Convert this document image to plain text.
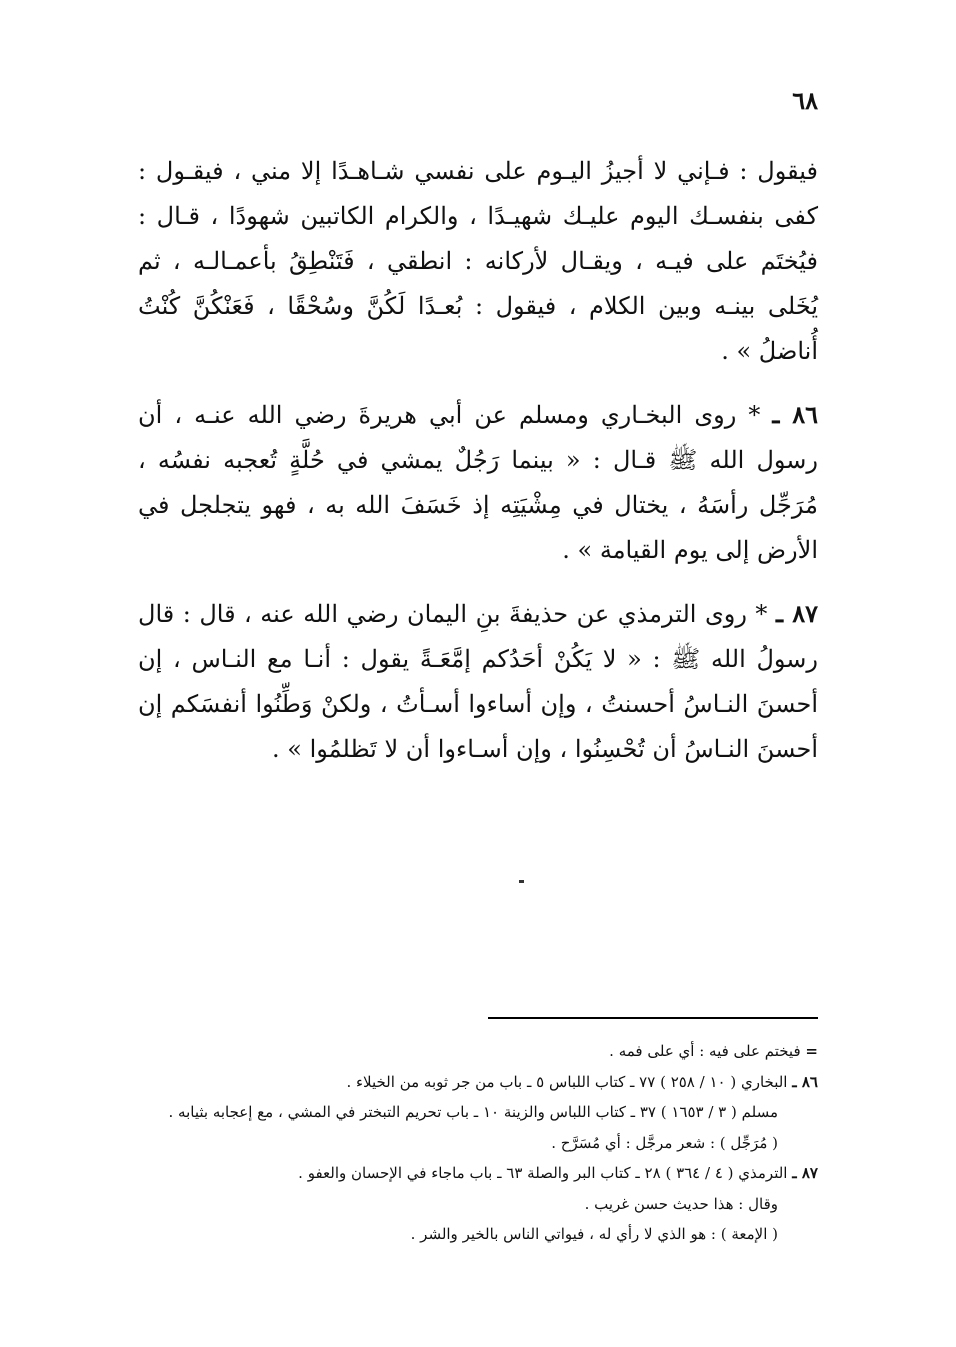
٦٨

فيقول : فـإني لا أجيزُ اليـوم على نفسي شـاهـدًا إلا مني ، فيقـول : كفى بنفسـك اليوم عليـك شهيـدًا ، والكرام الكاتبين شهودًا ، قـال : فيُختَم على فيـه ، ويقـال لأركانه : انطقي ، فَتَنْطِقُ بأعمـالـه ، ثم يُخَلى بينـه وبين الكلام ، فيقول : بُعـدًا لَكُنَّ وسُحْقًا ، فَعَنْكُنَّ كُنْتُ أُناضلُ » .

٨٦ ـ * روى البخـاري ومسلم عن أبي هريرةَ رضي الله عنـه ، أن رسول الله ﷺ قـال : « بينما رَجُلٌ يمشي في حُلَّةٍ تُعجبه نفسُه ، مُرَجِّل رأسَهُ ، يختال في مِشْيَتِه إذ خَسَفَ الله به ، فهو يتجلجل في الأرض إلى يوم القيامة » .

٨٧ ـ * روى الترمذي عن حذيفةَ بنِ اليمان رضي الله عنه ، قال : قال رسولُ الله ﷺ : « لا يَكُنْ أحَدُكم إمَّعَـةً يقول : أنـا مع النـاس ، إن أحسنَ النـاسُ أحسنتُ ، وإن أساءوا أسـأتُ ، ولكنْ وَطِّنُوا أنفسَكم إن أحسنَ النـاسُ أن تُحْسِنُوا ، وإن أسـاءوا أن لا تَظلمُوا » .

= فيختم على فيه : أي على فمه .
٨٦ ـ البخاري ( ١٠ / ٢٥٨ ) ٧٧ ـ كتاب اللباس ٥ ـ باب من جر ثوبه من الخيلاء .
مسلم ( ٣ / ١٦٥٣ ) ٣٧ ـ كتاب اللباس والزينة ١٠ ـ باب تحريم التبختر في المشي ، مع إعجابه بثيابه .
( مُرَجِّل ) : شعر مرجَّل : أي مُسَرَّح .
٨٧ ـ الترمذي ( ٤ / ٣٦٤ ) ٢٨ ـ كتاب البر والصلة ٦٣ ـ باب ماجاء في الإحسان والعفو .
وقال : هذا حديث حسن غريب .
( الإمعة ) : هو الذي لا رأي له ، فيواتي الناس بالخير والشر .
